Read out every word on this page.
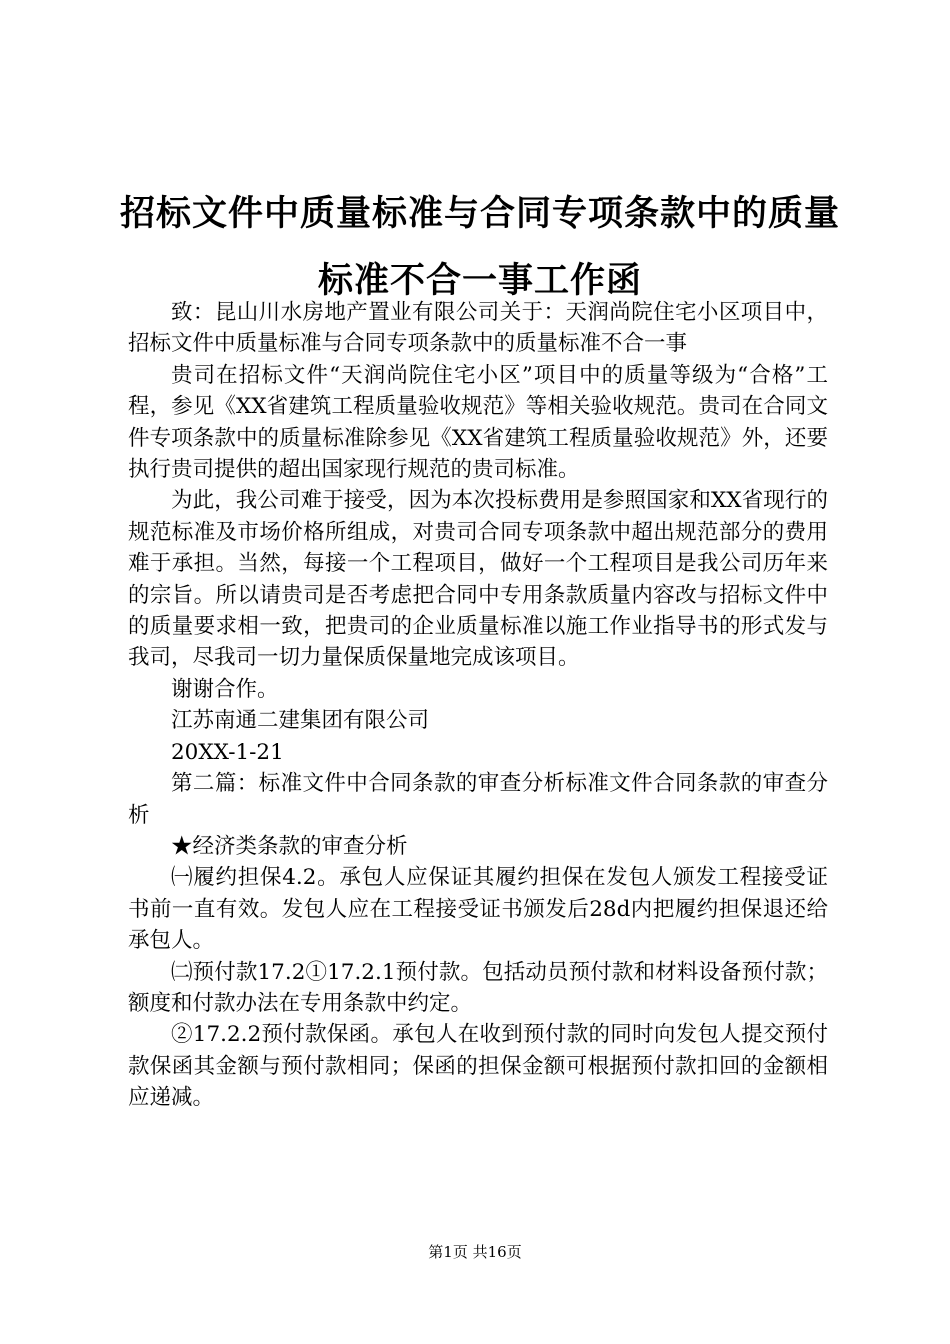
招标文件中质量标准与合同专项条款中的质量
标准不合一事工作函

致：昆山川水房地产置业有限公司关于：天润尚院住宅小区项目中，招标文件中质量标准与合同专项条款中的质量标准不合一事

贵司在招标文件“天润尚院住宅小区”项目中的质量等级为“合格”工程，参见《XX省建筑工程质量验收规范》等相关验收规范。贵司在合同文件专项条款中的质量标准除参见《XX省建筑工程质量验收规范》外，还要执行贵司提供的超出国家现行规范的贵司标准。

为此，我公司难于接受，因为本次投标费用是参照国家和XX省现行的规范标准及市场价格所组成，对贵司合同专项条款中超出规范部分的费用难于承担。当然，每接一个工程项目，做好一个工程项目是我公司历年来的宗旨。所以请贵司是否考虑把合同中专用条款质量内容改与招标文件中的质量要求相一致，把贵司的企业质量标准以施工作业指导书的形式发与我司，尽我司一切力量保质保量地完成该项目。

谢谢合作。

江苏南通二建集团有限公司

20XX-1-21

第二篇：标准文件中合同条款的审查分析标准文件合同条款的审查分析

★经济类条款的审查分析

㈠履约担保4.2。承包人应保证其履约担保在发包人颁发工程接受证书前一直有效。发包人应在工程接受证书颁发后28d内把履约担保退还给承包人。

㈡预付款17.2①17.2.1预付款。包括动员预付款和材料设备预付款；额度和付款办法在专用条款中约定。

②17.2.2预付款保函。承包人在收到预付款的同时向发包人提交预付款保函其金额与预付款相同；保函的担保金额可根据预付款扣回的金额相应递减。

第1页 共16页
